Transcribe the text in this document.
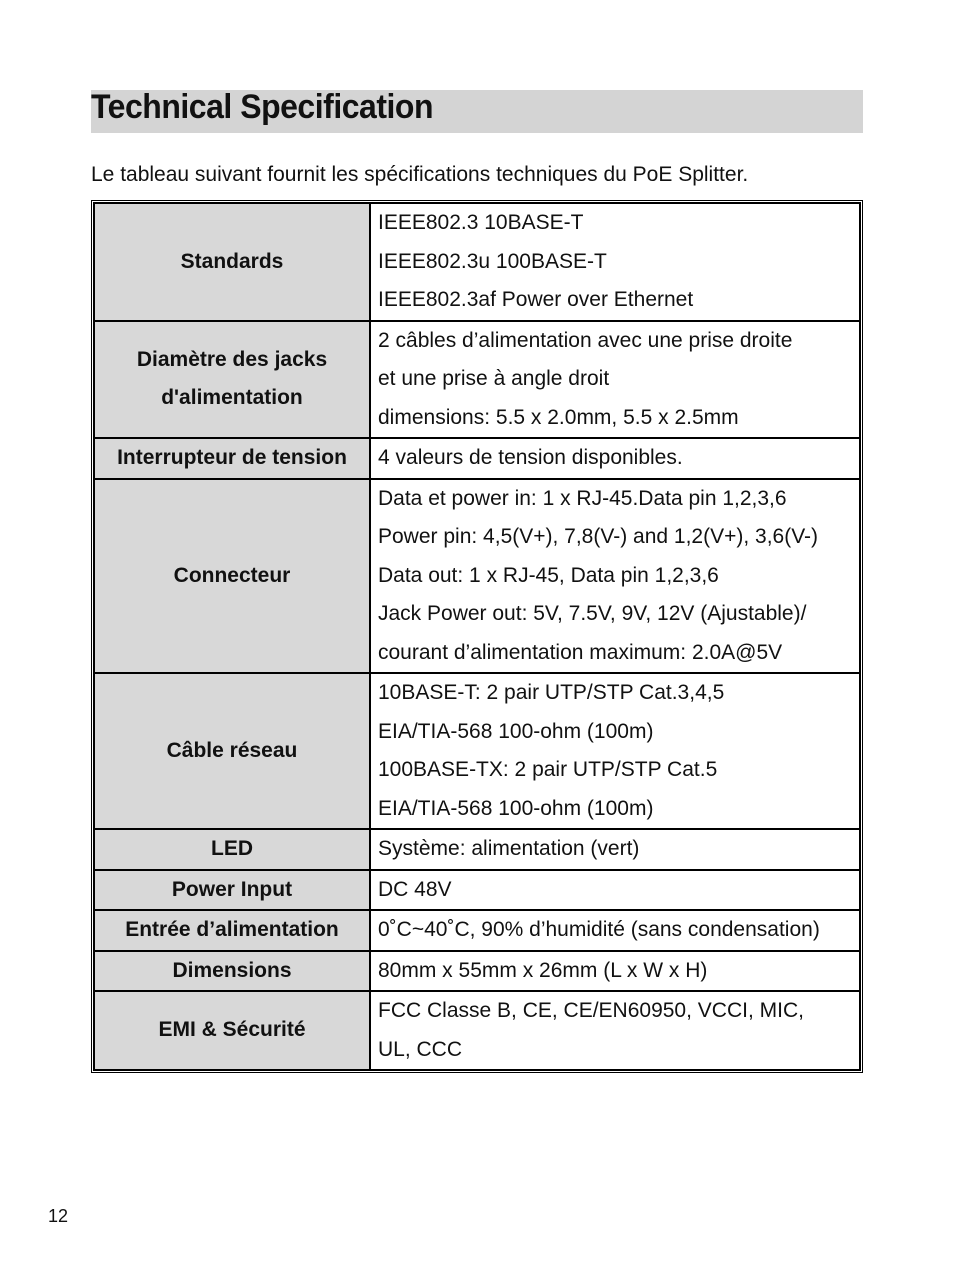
Technical Specification

Le tableau suivant fournit les spécifications techniques du PoE Splitter.

Standards	IEEE802.3 10BASE-T
IEEE802.3u 100BASE-T
IEEE802.3af Power over Ethernet

Diamètre des jacks
d'alimentation	2 câbles d’alimentation avec une prise droite
et une prise à angle droit
dimensions: 5.5 x 2.0mm, 5.5 x 2.5mm

Interrupteur de tension	4 valeurs de tension disponibles.

Connecteur	Data et power in: 1 x RJ-45.Data pin 1,2,3,6
Power pin: 4,5(V+), 7,8(V-) and 1,2(V+), 3,6(V-)
Data out: 1 x RJ-45, Data pin 1,2,3,6
Jack Power out: 5V, 7.5V, 9V, 12V (Ajustable)/
courant d’alimentation maximum: 2.0A@5V

Câble réseau	10BASE-T: 2 pair UTP/STP Cat.3,4,5
EIA/TIA-568 100-ohm (100m)
100BASE-TX: 2 pair UTP/STP Cat.5
EIA/TIA-568 100-ohm (100m)

LED	Système: alimentation (vert)

Power Input	DC 48V

Entrée d’alimentation	0˚C~40˚C, 90% d’humidité (sans condensation)

Dimensions	80mm x 55mm x 26mm (L x W x H)

EMI & Sécurité	FCC Classe B, CE, CE/EN60950, VCCI, MIC,
UL, CCC
12
